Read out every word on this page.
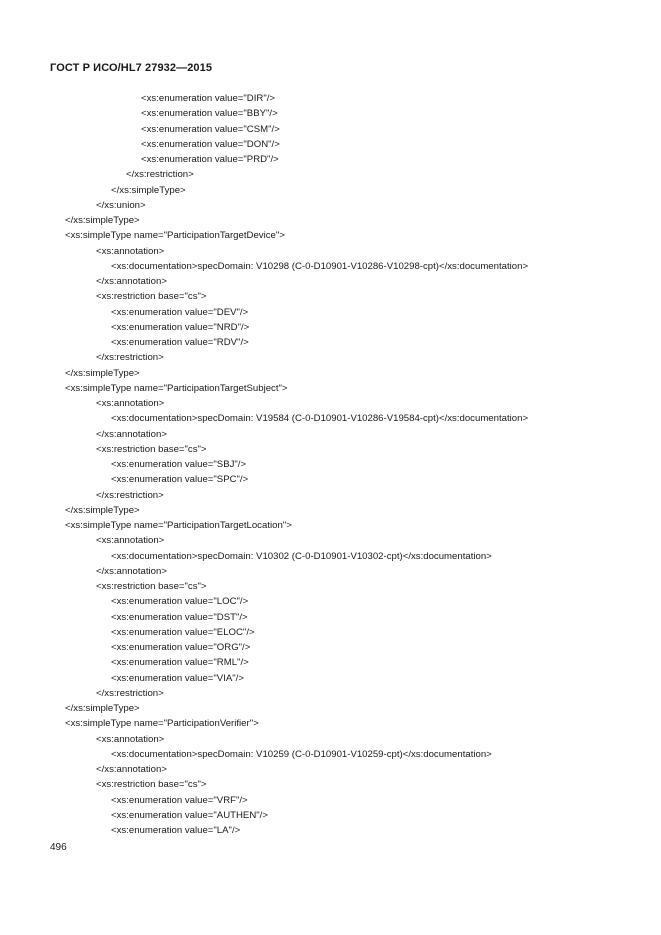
ГОСТ Р ИСО/HL7 27932—2015
<xs:enumeration value="DIR"/>
<xs:enumeration value="BBY"/>
<xs:enumeration value="CSM"/>
<xs:enumeration value="DON"/>
<xs:enumeration value="PRD"/>
</xs:restriction>
</xs:simpleType>
</xs:union>
</xs:simpleType>
<xs:simpleType name="ParticipationTargetDevice">
<xs:annotation>
<xs:documentation>specDomain: V10298 (C-0-D10901-V10286-V10298-cpt)</xs:documentation>
</xs:annotation>
<xs:restriction base="cs">
<xs:enumeration value="DEV"/>
<xs:enumeration value="NRD"/>
<xs:enumeration value="RDV"/>
</xs:restriction>
</xs:simpleType>
<xs:simpleType name="ParticipationTargetSubject">
<xs:annotation>
<xs:documentation>specDomain: V19584 (C-0-D10901-V10286-V19584-cpt)</xs:documentation>
</xs:annotation>
<xs:restriction base="cs">
<xs:enumeration value="SBJ"/>
<xs:enumeration value="SPC"/>
</xs:restriction>
</xs:simpleType>
<xs:simpleType name="ParticipationTargetLocation">
<xs:annotation>
<xs:documentation>specDomain: V10302 (C-0-D10901-V10302-cpt)</xs:documentation>
</xs:annotation>
<xs:restriction base="cs">
<xs:enumeration value="LOC"/>
<xs:enumeration value="DST"/>
<xs:enumeration value="ELOC"/>
<xs:enumeration value="ORG"/>
<xs:enumeration value="RML"/>
<xs:enumeration value="VIA"/>
</xs:restriction>
</xs:simpleType>
<xs:simpleType name="ParticipationVerifier">
<xs:annotation>
<xs:documentation>specDomain: V10259 (C-0-D10901-V10259-cpt)</xs:documentation>
</xs:annotation>
<xs:restriction base="cs">
<xs:enumeration value="VRF"/>
<xs:enumeration value="AUTHEN"/>
<xs:enumeration value="LA"/>
496
